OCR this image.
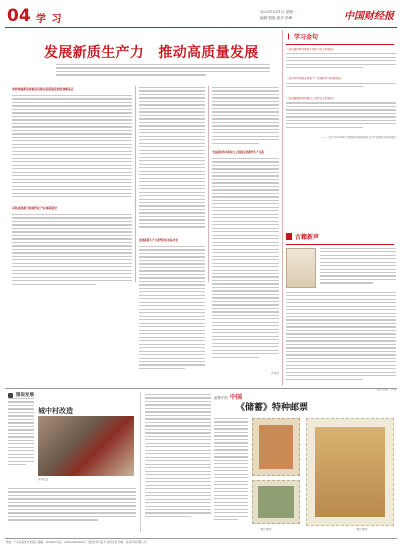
04 学 习
2023年5月1日 星期一
编辑 熊旭 校对 洪峰	中国财经报
发展新质生产力　推动高质量发展
加快构建新发展格局是推动高质量发展的战略基点
以科技创新引领现代化产业体系建设
发展新质生产力要坚持从实际出发
全面深化改革形成与之相适应的新型生产关系
作者系
❙ 学习金句
《在庆祝改革开放四十周年大会上的讲话》
《在中共中央政治局第十一次集体学习时的讲话》
《在全面推进乡村振兴工作会议上的讲话》
——习近平在2024年全国两会期间参加江苏代表团审议时的讲话
古籍新声
《图书名称》 作者
图说发展
城中村改造
新华社发
邮票中的 中国
《储蓄》特种邮票
（图片来源）	（图片来源）
地址：广东省某某市某某区 邮编：000000 电话：(020)00000000 广告经营许可证号 每份定价 印刷：某某印务有限公司
